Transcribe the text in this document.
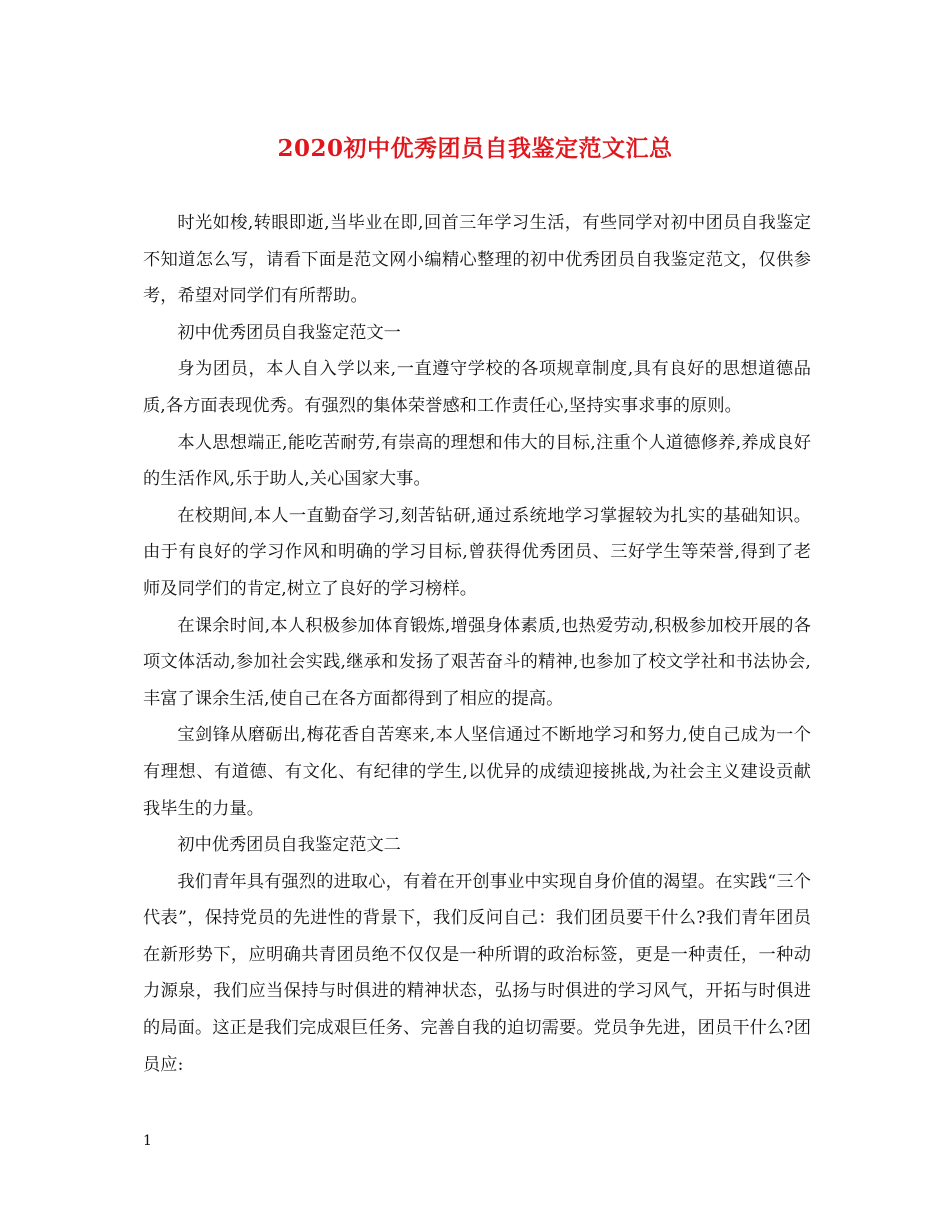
2020初中优秀团员自我鉴定范文汇总

时光如梭,转眼即逝,当毕业在即,回首三年学习生活，有些同学对初中团员自我鉴定不知道怎么写，请看下面是范文网小编精心整理的初中优秀团员自我鉴定范文，仅供参考，希望对同学们有所帮助。

初中优秀团员自我鉴定范文一

身为团员，本人自入学以来,一直遵守学校的各项规章制度,具有良好的思想道德品质,各方面表现优秀。有强烈的集体荣誉感和工作责任心,坚持实事求事的原则。

本人思想端正,能吃苦耐劳,有崇高的理想和伟大的目标,注重个人道德修养,养成良好的生活作风,乐于助人,关心国家大事。

在校期间,本人一直勤奋学习,刻苦钻研,通过系统地学习掌握较为扎实的基础知识。由于有良好的学习作风和明确的学习目标,曾获得优秀团员、三好学生等荣誉,得到了老师及同学们的肯定,树立了良好的学习榜样。

在课余时间,本人积极参加体育锻炼,增强身体素质,也热爱劳动,积极参加校开展的各项文体活动,参加社会实践,继承和发扬了艰苦奋斗的精神,也参加了校文学社和书法协会,丰富了课余生活,使自己在各方面都得到了相应的提高。

宝剑锋从磨砺出,梅花香自苦寒来,本人坚信通过不断地学习和努力,使自己成为一个有理想、有道德、有文化、有纪律的学生,以优异的成绩迎接挑战,为社会主义建设贡献我毕生的力量。

初中优秀团员自我鉴定范文二

我们青年具有强烈的进取心，有着在开创事业中实现自身价值的渴望。在实践“三个代表”，保持党员的先进性的背景下，我们反问自己：我们团员要干什么?我们青年团员在新形势下，应明确共青团员绝不仅仅是一种所谓的政治标签，更是一种责任，一种动力源泉，我们应当保持与时俱进的精神状态，弘扬与时俱进的学习风气，开拓与时俱进的局面。这正是我们完成艰巨任务、完善自我的迫切需要。党员争先进，团员干什么?团员应:

1
